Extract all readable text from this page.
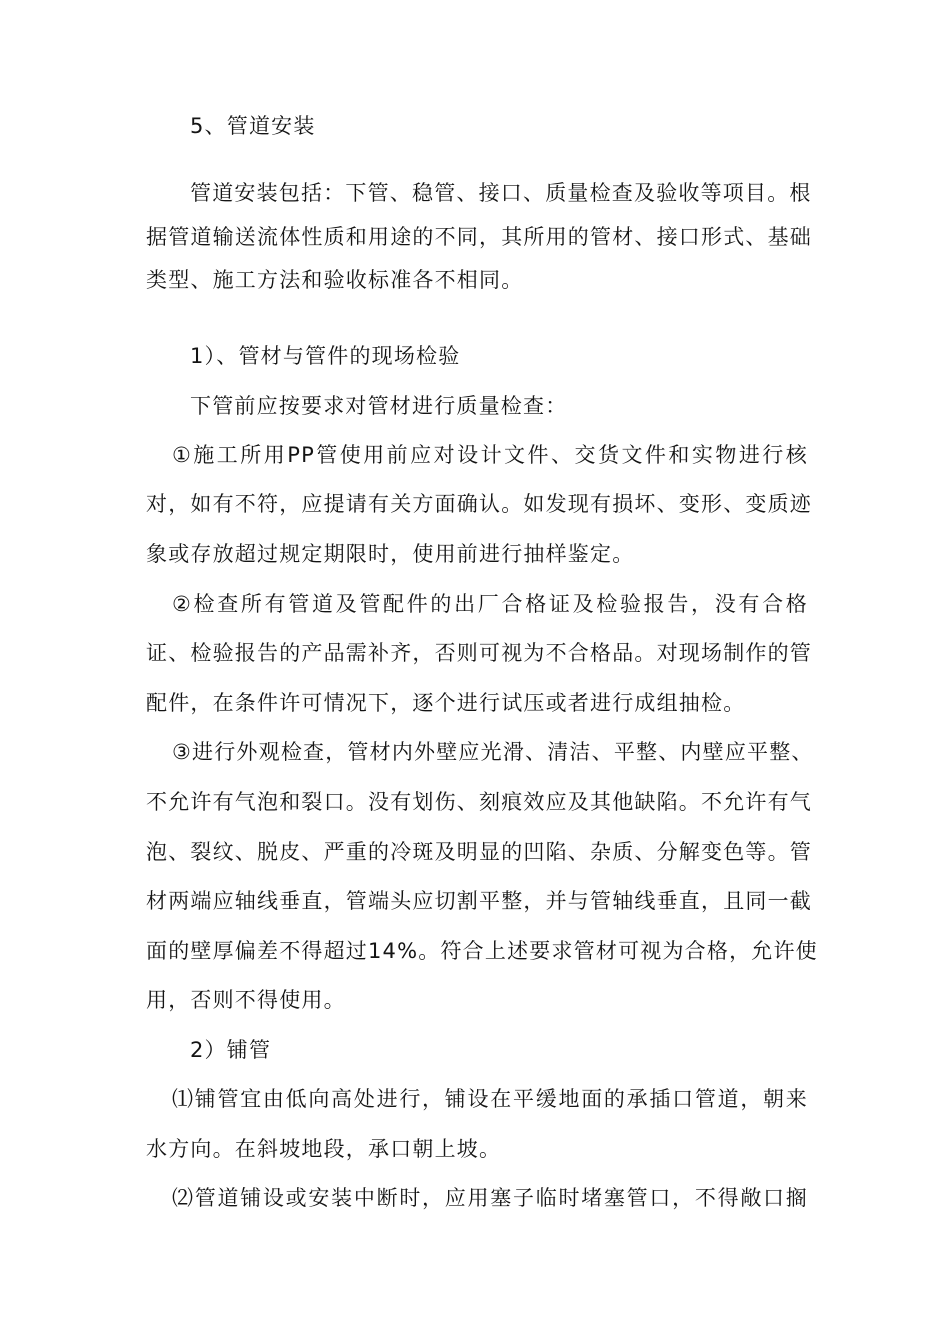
5、管道安装
管道安装包括：下管、稳管、接口、质量检查及验收等项目。根
据管道输送流体性质和用途的不同，其所用的管材、接口形式、基础
类型、施工方法和验收标准各不相同。
1）、管材与管件的现场检验
下管前应按要求对管材进行质量检查：
①施工所用PP管使用前应对设计文件、交货文件和实物进行核
对，如有不符，应提请有关方面确认。如发现有损坏、变形、变质迹
象或存放超过规定期限时，使用前进行抽样鉴定。
②检查所有管道及管配件的出厂合格证及检验报告，没有合格
证、检验报告的产品需补齐，否则可视为不合格品。对现场制作的管
配件，在条件许可情况下，逐个进行试压或者进行成组抽检。
③进行外观检查，管材内外壁应光滑、清洁、平整、内壁应平整、
不允许有气泡和裂口。没有划伤、刻痕效应及其他缺陷。不允许有气
泡、裂纹、脱皮、严重的冷斑及明显的凹陷、杂质、分解变色等。管
材两端应轴线垂直，管端头应切割平整，并与管轴线垂直，且同一截
面的壁厚偏差不得超过14%。符合上述要求管材可视为合格，允许使
用，否则不得使用。
2）铺管
⑴铺管宜由低向高处进行，铺设在平缓地面的承插口管道，朝来
水方向。在斜坡地段，承口朝上坡。
⑵管道铺设或安装中断时，应用塞子临时堵塞管口，不得敞口搁
